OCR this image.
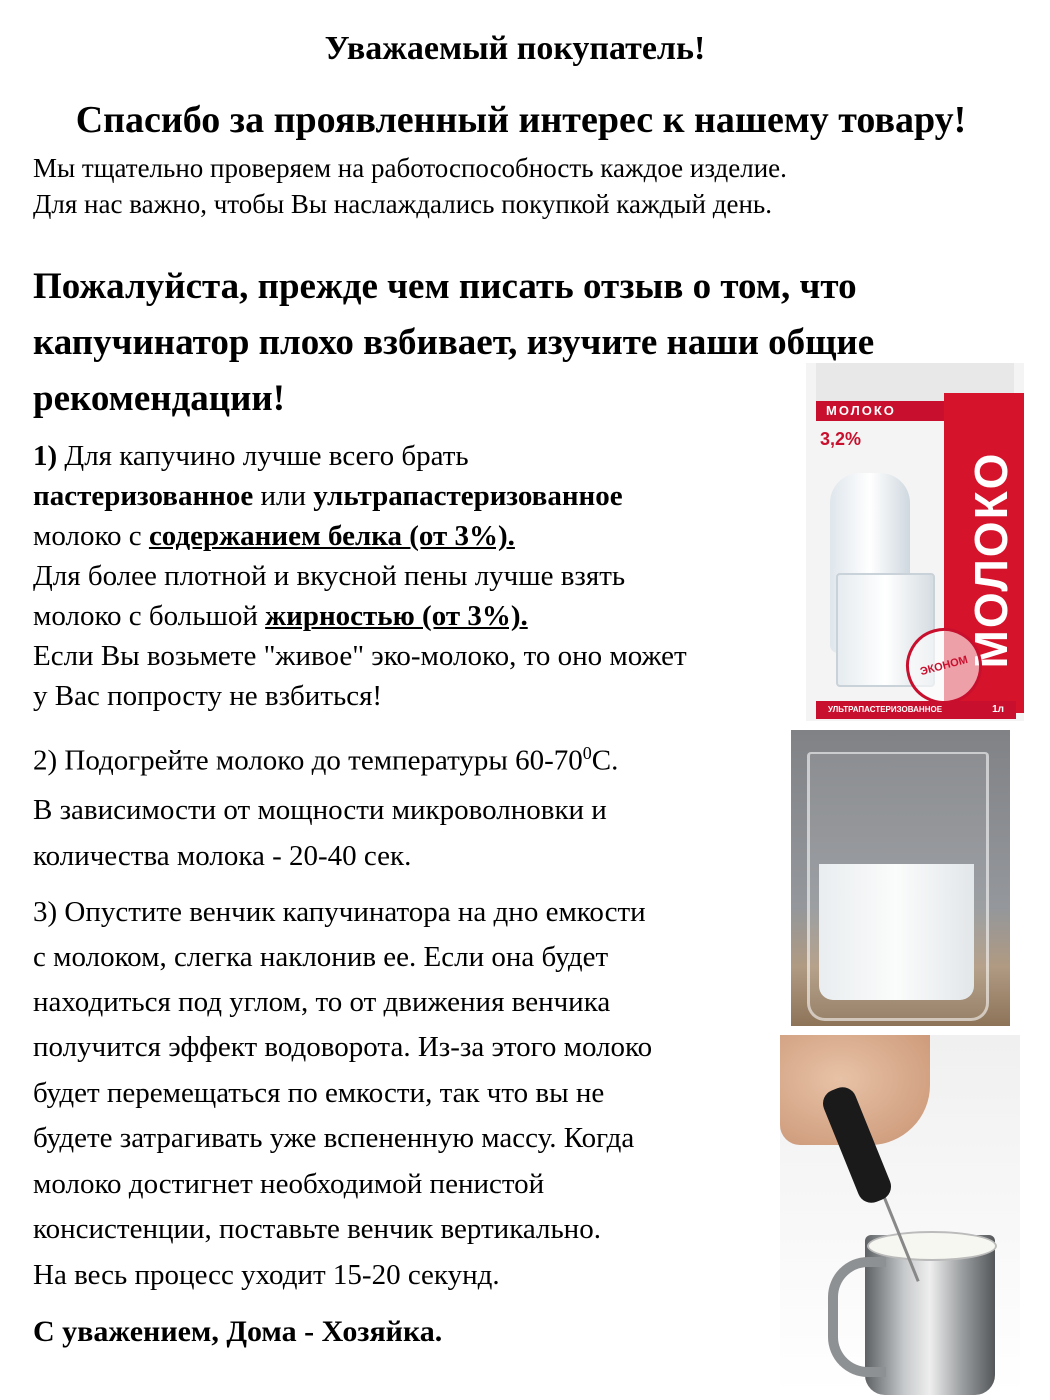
Уважаемый покупатель!
Спасибо за проявленный интерес к нашему товару!
Мы тщательно проверяем на работоспособность каждое изделие.
Для нас важно, чтобы Вы наслаждались покупкой каждый день.
Пожалуйста, прежде чем писать отзыв о том, что
капучинатор плохо взбивает, изучите наши общие
рекомендации!
1) Для капучино лучше всего брать
пастеризованное или ультрапастеризованное
молоко с содержанием белка (от 3%).
Для более плотной и вкусной пены лучше взять
молоко с большой жирностью (от 3%).
Если Вы возьмете "живое" эко-молоко, то оно может
у Вас попросту не взбиться!
2) Подогрейте молоко до температуры $60-70^0С$.
В зависимости от мощности микроволновки и
количества молока - 20-40 сек.
3) Опустите венчик капучинатора на дно емкости
с молоком, слегка наклонив ее. Если она будет
находиться под углом, то от движения венчика
получится эффект водоворота. Из-за этого молоко
будет перемещаться по емкости, так что вы не
будете затрагивать уже вспененную массу. Когда
молоко достигнет необходимой пенистой
консистенции, поставьте венчик вертикально.
На весь процесс уходит 15-20 секунд.
С уважением, Дома - Хозяйка.
МОЛОКО
3,2%
МОЛОКО
ЭКОНОМ
УЛЬТРАПАСТЕРИЗОВАННОЕ	1л
